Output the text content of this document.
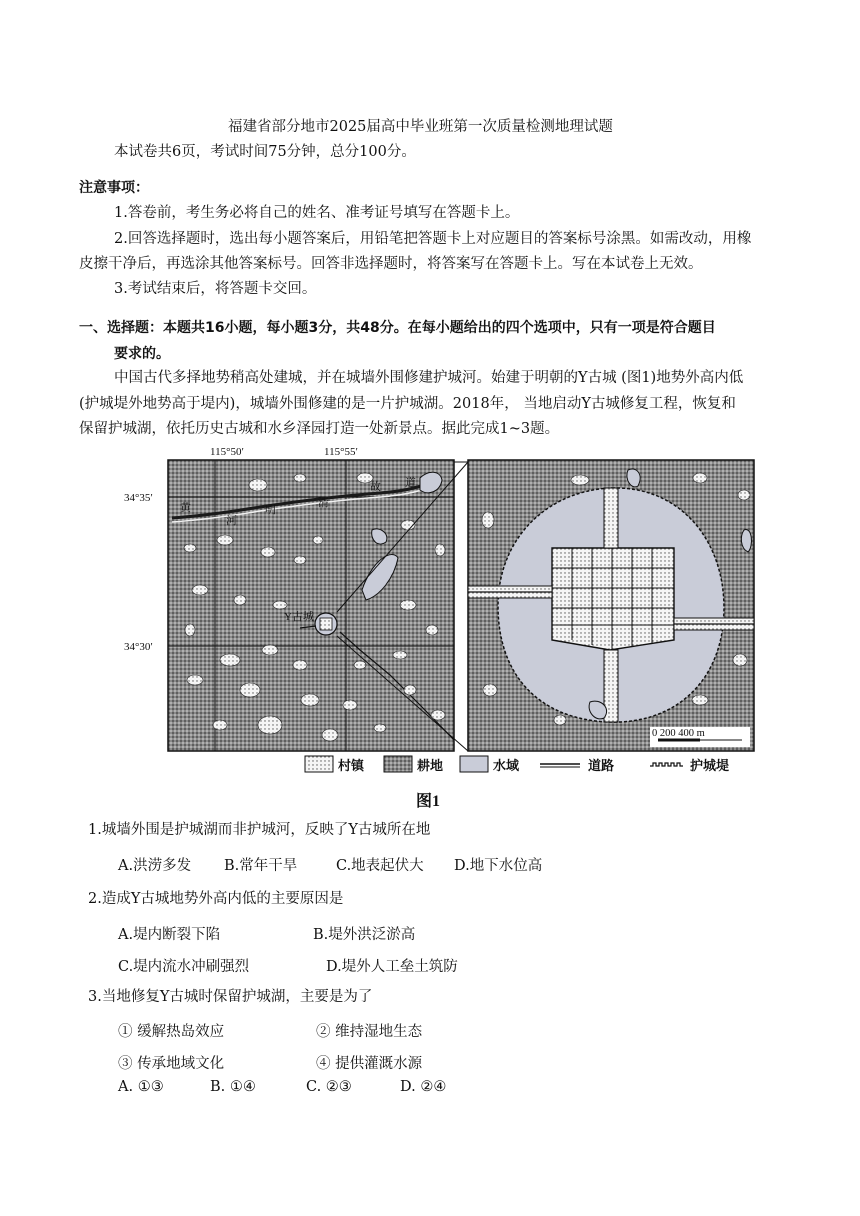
福建省部分地市2025届高中毕业班第一次质量检测地理试题
本试卷共6页，考试时间75分钟，总分100分。
注意事项：
1.答卷前，考生务必将自己的姓名、准考证号填写在答题卡上。
2.回答选择题时，选出每小题答案后，用铅笔把答题卡上对应题目的答案标号涂黑。如需改动，用橡
皮擦干净后，再选涂其他答案标号。回答非选择题时，将答案写在答题卡上。写在本试卷上无效。
3.考试结束后，将答题卡交回。
一、选择题：本题共16小题，每小题3分，共48分。在每小题给出的四个选项中，只有一项是符合题目
要求的。
中国古代多择地势稍高处建城，并在城墙外围修建护城河。始建于明朝的Y古城 (图1)地势外高内低
(护城堤外地势高于堤内)，城墙外围修建的是一片护城湖。2018年， 当地启动Y古城修复工程，恢复和
保留护城湖，依托历史古城和水乡泽园打造一处新景点。据此完成1~3题。
115°50′	115°55′
34°35′
34°30′
黄
河
明
清
故 道
Y古城
0 200 400 m
村镇	耕地	水域	道路	护城堤
图1
1.城墙外围是护城湖而非护城河，反映了Y古城所在地
A.洪涝多发 B.常年干旱	C.地表起伏大 D.地下水位高
2.造成Y古城地势外高内低的主要原因是
A.堤内断裂下陷	B.堤外洪泛淤高
C.堤内流水冲刷强烈	D.堤外人工垒土筑防
3.当地修复Y古城时保留护城湖，主要是为了
① 缓解热岛效应	② 维持湿地生态
③ 传承地域文化	④ 提供灌溉水源
A. ①③	B. ①④	C. ②③	D. ②④
